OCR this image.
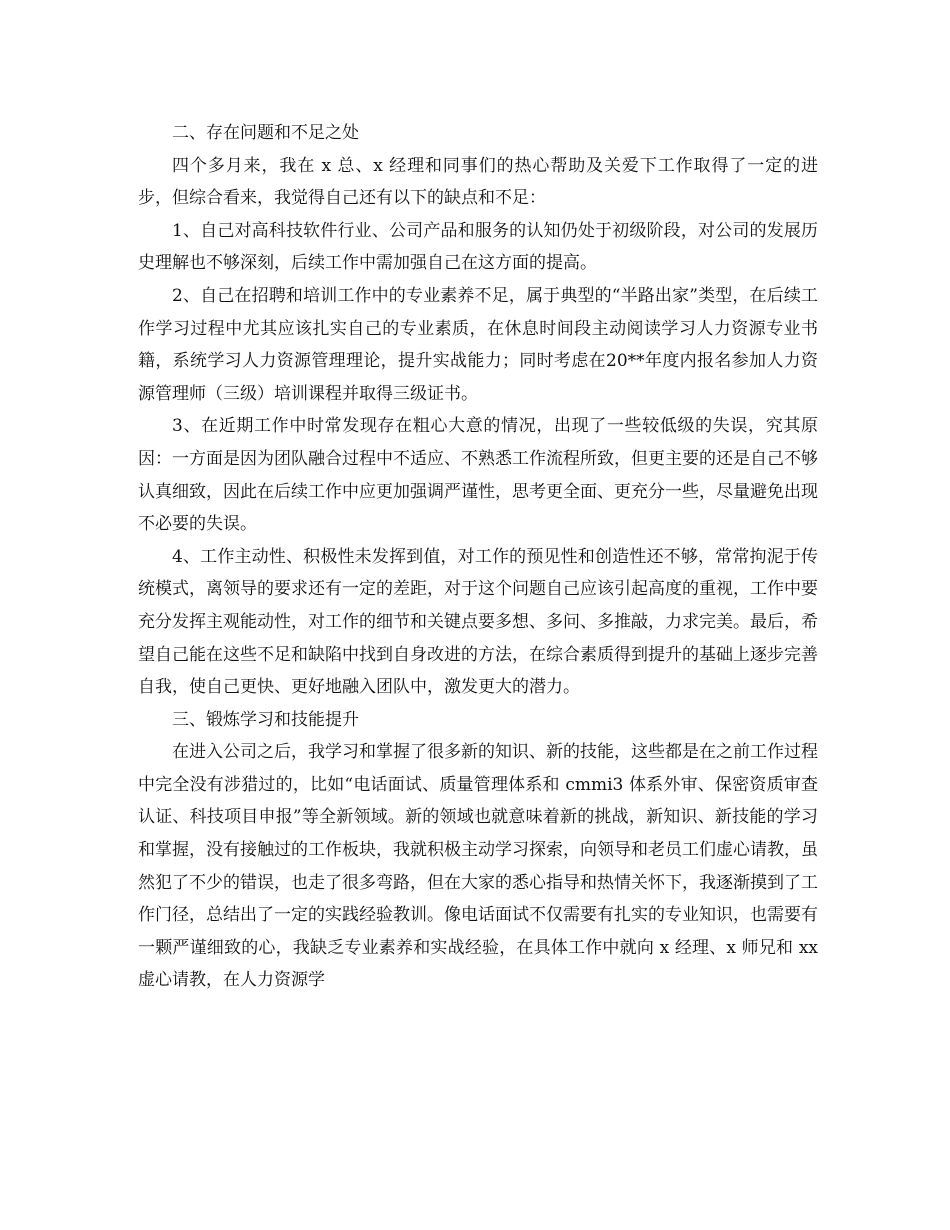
二、存在问题和不足之处

四个多月来，我在 x 总、x 经理和同事们的热心帮助及关爱下工作取得了一定的进步，但综合看来，我觉得自己还有以下的缺点和不足：

1、自己对高科技软件行业、公司产品和服务的认知仍处于初级阶段，对公司的发展历史理解也不够深刻，后续工作中需加强自己在这方面的提高。

2、自己在招聘和培训工作中的专业素养不足，属于典型的“半路出家”类型，在后续工作学习过程中尤其应该扎实自己的专业素质，在休息时间段主动阅读学习人力资源专业书籍，系统学习人力资源管理理论，提升实战能力；同时考虑在20**年度内报名参加人力资源管理师（三级）培训课程并取得三级证书。

3、在近期工作中时常发现存在粗心大意的情况，出现了一些较低级的失误，究其原因：一方面是因为团队融合过程中不适应、不熟悉工作流程所致，但更主要的还是自己不够认真细致，因此在后续工作中应更加强调严谨性，思考更全面、更充分一些，尽量避免出现不必要的失误。

4、工作主动性、积极性未发挥到值，对工作的预见性和创造性还不够，常常拘泥于传统模式，离领导的要求还有一定的差距，对于这个问题自己应该引起高度的重视，工作中要充分发挥主观能动性，对工作的细节和关键点要多想、多问、多推敲，力求完美。最后，希望自己能在这些不足和缺陷中找到自身改进的方法，在综合素质得到提升的基础上逐步完善自我，使自己更快、更好地融入团队中，激发更大的潜力。

三、锻炼学习和技能提升

在进入公司之后，我学习和掌握了很多新的知识、新的技能，这些都是在之前工作过程中完全没有涉猎过的，比如“电话面试、质量管理体系和 cmmi3 体系外审、保密资质审查认证、科技项目申报”等全新领域。新的领域也就意味着新的挑战，新知识、新技能的学习和掌握，没有接触过的工作板块，我就积极主动学习探索，向领导和老员工们虚心请教，虽然犯了不少的错误，也走了很多弯路，但在大家的悉心指导和热情关怀下，我逐渐摸到了工作门径，总结出了一定的实践经验教训。像电话面试不仅需要有扎实的专业知识，也需要有一颗严谨细致的心，我缺乏专业素养和实战经验，在具体工作中就向 x 经理、x 师兄和 xx 虚心请教，在人力资源学
